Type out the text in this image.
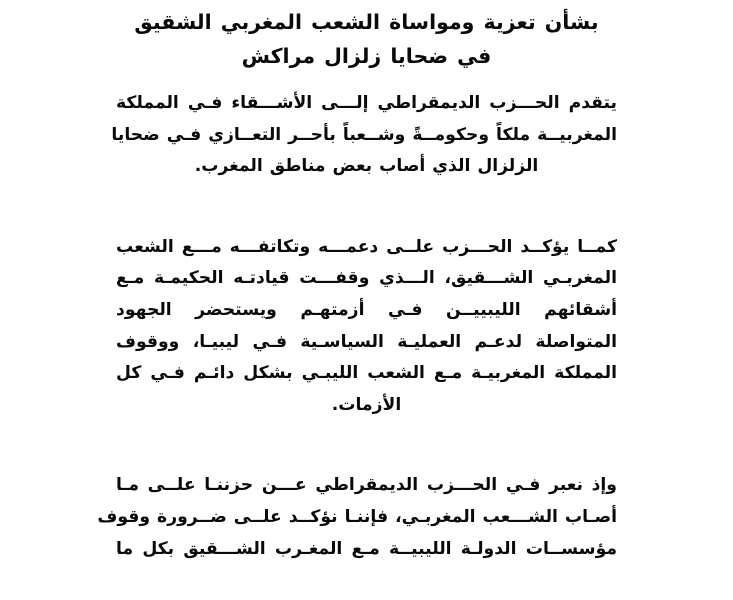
بشأن تعزية ومواساة الشعب المغربي الشقيق
في ضحايا زلزال مراكش

يتقدم الحـــزب الديمقراطي إلـــى الأشـــقاء فـي المملكة
المغربيــة ملكاً وحكومــةً وشــعباً بأحــر التعــازي فـي ضحايا
الزلزال الذي أصاب بعض مناطق المغرب.

كمــا يؤكــد الحـــزب علــى دعمـــه وتكاتفـــه مـــع الشعب
المغربـي الشـــقيق، الـــذي وقفـــت قيادتـه الحكيمـة مـع
أشقائهم الليبييــن فـي أزمتهـم ويستحضر الجهود
المتواصلة لدعـم العمليـة السياسـية فـي ليبيـا، ووقوف
المملكة المغربيـة مـع الشعب الليبـي بشكل دائـم فـي كل
الأزمات.

وإذ نعبر فـي الحـــزب الديمقراطي عـــن حزننـا علــى مـا
أصـاب الشـــعب المغربـي، فإننـا نؤكــد علــى ضــرورة وقوف
مؤسســات الدولـة الليبيــة مـع المغـرب الشـــقيق بكل ما
